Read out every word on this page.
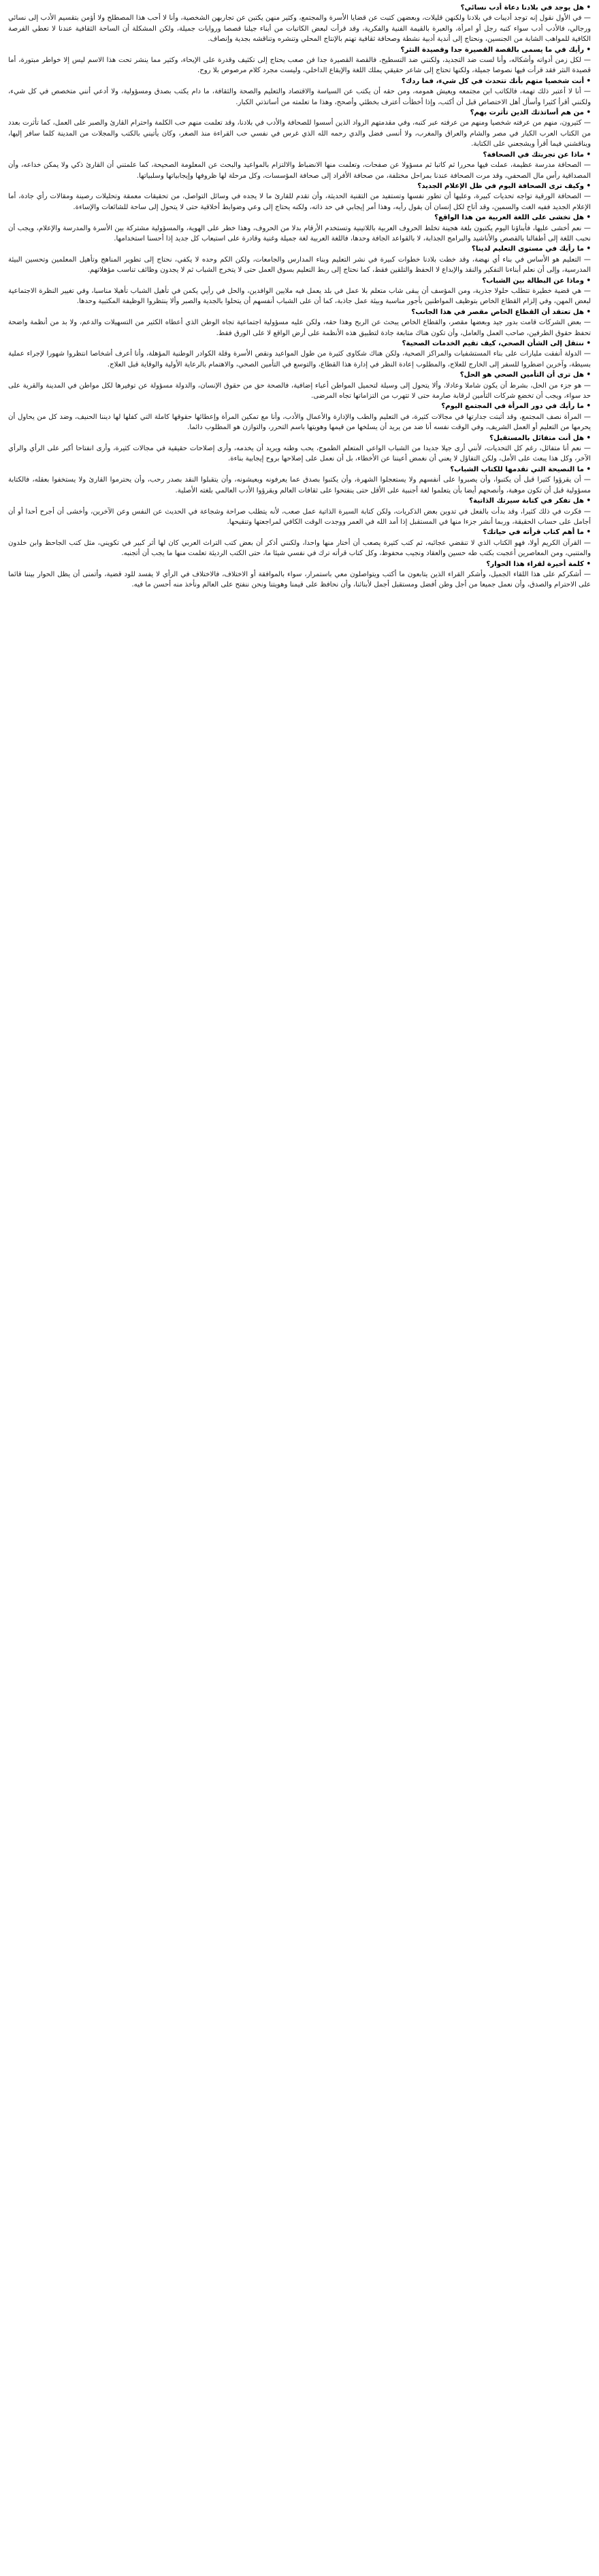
• هل يوجد في بلادنا دعاة أدب نسائي؟

— في الأول نقول إنه توجد أديبات في بلادنا ولكنهن قليلات، وبعضهن كتبت عن قضايا الأسرة والمجتمع، وكثير منهن يكتبن عن تجاربهن الشخصية، وأنا لا أحب هذا المصطلح ولا أؤمن بتقسيم الأدب إلى نسائي ورجالي، فالأدب أدب سواء كتبه رجل أو امرأة، والعبرة بالقيمة الفنية والفكرية، وقد قرأت لبعض الكاتبات من أبناء جيلنا قصصا وروايات جميلة، ولكن المشكلة أن الساحة الثقافية عندنا لا تعطي الفرصة الكافية للمواهب الشابة من الجنسين، ونحتاج إلى أندية أدبية نشطة وصحافة ثقافية تهتم بالإنتاج المحلي وتنشره وتناقشه بجدية وإنصاف.

• رأيك في ما يسمى بالقصة القصيرة جدا وقصيدة النثر؟

— لكل زمن أدواته وأشكاله، وأنا لست ضد التجديد، ولكنني ضد التسطيح، فالقصة القصيرة جدا فن صعب يحتاج إلى تكثيف وقدرة على الإيحاء، وكثير مما ينشر تحت هذا الاسم ليس إلا خواطر مبتورة، أما قصيدة النثر فقد قرأت فيها نصوصا جميلة، ولكنها تحتاج إلى شاعر حقيقي يملك اللغة والإيقاع الداخلي، وليست مجرد كلام مرصوص بلا روح.

• أنت شخصيا متهم بأنك تتحدث في كل شيء، فما ردك؟

— أنا لا أعتبر ذلك تهمة، فالكاتب ابن مجتمعه ويعيش همومه، ومن حقه أن يكتب عن السياسة والاقتصاد والتعليم والصحة والثقافة، ما دام يكتب بصدق ومسؤولية، ولا أدعي أنني متخصص في كل شيء، ولكنني أقرأ كثيرا وأسأل أهل الاختصاص قبل أن أكتب، وإذا أخطأت أعترف بخطئي وأصحح، وهذا ما تعلمته من أساتذتي الكبار.

• من هم أساتذتك الذين تأثرت بهم؟

— كثيرون، منهم من عرفته شخصيا ومنهم من عرفته عبر كتبه، وفي مقدمتهم الرواد الذين أسسوا للصحافة والأدب في بلادنا، وقد تعلمت منهم حب الكلمة واحترام القارئ والصبر على العمل، كما تأثرت بعدد من الكتاب العرب الكبار في مصر والشام والعراق والمغرب، ولا أنسى فضل والدي رحمه الله الذي غرس في نفسي حب القراءة منذ الصغر، وكان يأتيني بالكتب والمجلات من المدينة كلما سافر إليها، ويناقشني فيما أقرأ ويشجعني على الكتابة.

• ماذا عن تجربتك في الصحافة؟

— الصحافة مدرسة عظيمة، عملت فيها محررا ثم كاتبا ثم مسؤولا عن صفحات، وتعلمت منها الانضباط والالتزام بالمواعيد والبحث عن المعلومة الصحيحة، كما علمتني أن القارئ ذكي ولا يمكن خداعه، وأن المصداقية رأس مال الصحفي، وقد مرت الصحافة عندنا بمراحل مختلفة، من صحافة الأفراد إلى صحافة المؤسسات، وكل مرحلة لها ظروفها وإيجابياتها وسلبياتها.

• وكيف ترى الصحافة اليوم في ظل الإعلام الجديد؟

— الصحافة الورقية تواجه تحديات كبيرة، وعليها أن تطور نفسها وتستفيد من التقنية الحديثة، وأن تقدم للقارئ ما لا يجده في وسائل التواصل، من تحقيقات معمقة وتحليلات رصينة ومقالات رأي جادة، أما الإعلام الجديد ففيه الغث والسمين، وقد أتاح لكل إنسان أن يقول رأيه، وهذا أمر إيجابي في حد ذاته، ولكنه يحتاج إلى وعي وضوابط أخلاقية حتى لا يتحول إلى ساحة للشائعات والإساءة.

• هل تخشى على اللغة العربية من هذا الواقع؟

— نعم أخشى عليها، فأبناؤنا اليوم يكتبون بلغة هجينة تخلط الحروف العربية باللاتينية وتستخدم الأرقام بدلا من الحروف، وهذا خطر على الهوية، والمسؤولية مشتركة بين الأسرة والمدرسة والإعلام، ويجب أن نحبب اللغة إلى أطفالنا بالقصص والأناشيد والبرامج الجذابة، لا بالقواعد الجافة وحدها، فاللغة العربية لغة جميلة وغنية وقادرة على استيعاب كل جديد إذا أحسنا استخدامها.

• ما رأيك في مستوى التعليم لدينا؟

— التعليم هو الأساس في بناء أي نهضة، وقد خطت بلادنا خطوات كبيرة في نشر التعليم وبناء المدارس والجامعات، ولكن الكم وحده لا يكفي، نحتاج إلى تطوير المناهج وتأهيل المعلمين وتحسين البيئة المدرسية، وإلى أن نعلم أبناءنا التفكير والنقد والإبداع لا الحفظ والتلقين فقط، كما نحتاج إلى ربط التعليم بسوق العمل حتى لا يتخرج الشباب ثم لا يجدون وظائف تناسب مؤهلاتهم.

• وماذا عن البطالة بين الشباب؟

— هي قضية خطيرة تتطلب حلولا جذرية، ومن المؤسف أن يبقى شاب متعلم بلا عمل في بلد يعمل فيه ملايين الوافدين، والحل في رأيي يكمن في تأهيل الشباب تأهيلا مناسبا، وفي تغيير النظرة الاجتماعية لبعض المهن، وفي إلزام القطاع الخاص بتوظيف المواطنين بأجور مناسبة وبيئة عمل جاذبة، كما أن على الشباب أنفسهم أن يتحلوا بالجدية والصبر وألا ينتظروا الوظيفة المكتبية وحدها.

• هل تعتقد أن القطاع الخاص مقصر في هذا الجانب؟

— بعض الشركات قامت بدور جيد وبعضها مقصر، والقطاع الخاص يبحث عن الربح وهذا حقه، ولكن عليه مسؤولية اجتماعية تجاه الوطن الذي أعطاه الكثير من التسهيلات والدعم، ولا بد من أنظمة واضحة تحفظ حقوق الطرفين، صاحب العمل والعامل، وأن تكون هناك متابعة جادة لتطبيق هذه الأنظمة على أرض الواقع لا على الورق فقط.

• ننتقل إلى الشأن الصحي، كيف تقيم الخدمات الصحية؟

— الدولة أنفقت مليارات على بناء المستشفيات والمراكز الصحية، ولكن هناك شكاوى كثيرة من طول المواعيد ونقص الأسرة وقلة الكوادر الوطنية المؤهلة، وأنا أعرف أشخاصا انتظروا شهورا لإجراء عملية بسيطة، وآخرين اضطروا للسفر إلى الخارج للعلاج، والمطلوب إعادة النظر في إدارة هذا القطاع، والتوسع في التأمين الصحي، والاهتمام بالرعاية الأولية والوقاية قبل العلاج.

• هل ترى أن التأمين الصحي هو الحل؟

— هو جزء من الحل، بشرط أن يكون شاملا وعادلا، وألا يتحول إلى وسيلة لتحميل المواطن أعباء إضافية، فالصحة حق من حقوق الإنسان، والدولة مسؤولة عن توفيرها لكل مواطن في المدينة والقرية على حد سواء، ويجب أن تخضع شركات التأمين لرقابة صارمة حتى لا تتهرب من التزاماتها تجاه المرضى.

• ما رأيك في دور المرأة في المجتمع اليوم؟

— المرأة نصف المجتمع، وقد أثبتت جدارتها في مجالات كثيرة، في التعليم والطب والإدارة والأعمال والأدب، وأنا مع تمكين المرأة وإعطائها حقوقها كاملة التي كفلها لها ديننا الحنيف، وضد كل من يحاول أن يحرمها من التعليم أو العمل الشريف، وفي الوقت نفسه أنا ضد من يريد أن يسلخها من قيمها وهويتها باسم التحرر، والتوازن هو المطلوب دائما.

• هل أنت متفائل بالمستقبل؟

— نعم أنا متفائل، رغم كل التحديات، لأنني أرى جيلا جديدا من الشباب الواعي المتعلم الطموح، يحب وطنه ويريد أن يخدمه، وأرى إصلاحات حقيقية في مجالات كثيرة، وأرى انفتاحا أكبر على الرأي والرأي الآخر، وكل هذا يبعث على الأمل، ولكن التفاؤل لا يعني أن نغمض أعيننا عن الأخطاء، بل أن نعمل على إصلاحها بروح إيجابية بناءة.

• ما النصيحة التي تقدمها للكتاب الشباب؟

— أن يقرؤوا كثيرا قبل أن يكتبوا، وأن يصبروا على أنفسهم ولا يستعجلوا الشهرة، وأن يكتبوا بصدق عما يعرفونه ويعيشونه، وأن يتقبلوا النقد بصدر رحب، وأن يحترموا القارئ ولا يستخفوا بعقله، فالكتابة مسؤولية قبل أن تكون موهبة، وأنصحهم أيضا بأن يتعلموا لغة أجنبية على الأقل حتى ينفتحوا على ثقافات العالم ويقرؤوا الأدب العالمي بلغته الأصلية.

• هل تفكر في كتابة سيرتك الذاتية؟

— فكرت في ذلك كثيرا، وقد بدأت بالفعل في تدوين بعض الذكريات، ولكن كتابة السيرة الذاتية عمل صعب، لأنه يتطلب صراحة وشجاعة في الحديث عن النفس وعن الآخرين، وأخشى أن أجرح أحدا أو أن أجامل على حساب الحقيقة، وربما أنشر جزءا منها في المستقبل إذا أمد الله في العمر ووجدت الوقت الكافي لمراجعتها وتنقيحها.

• ما أهم كتاب قرأته في حياتك؟

— القرآن الكريم أولا، فهو الكتاب الذي لا تنقضي عجائبه، ثم كتب كثيرة يصعب أن أختار منها واحدا، ولكنني أذكر أن بعض كتب التراث العربي كان لها أثر كبير في تكويني، مثل كتب الجاحظ وابن خلدون والمتنبي، ومن المعاصرين أعجبت بكتب طه حسين والعقاد ونجيب محفوظ، وكل كتاب قرأته ترك في نفسي شيئا ما، حتى الكتب الرديئة تعلمت منها ما يجب أن أتجنبه.

• كلمة أخيرة لقراء هذا الحوار؟

— أشكركم على هذا اللقاء الجميل، وأشكر القراء الذين يتابعون ما أكتب ويتواصلون معي باستمرار، سواء بالموافقة أو الاختلاف، فالاختلاف في الرأي لا يفسد للود قضية، وأتمنى أن يظل الحوار بيننا قائما على الاحترام والصدق، وأن نعمل جميعا من أجل وطن أفضل ومستقبل أجمل لأبنائنا، وأن نحافظ على قيمنا وهويتنا ونحن ننفتح على العالم ونأخذ منه أحسن ما فيه.
